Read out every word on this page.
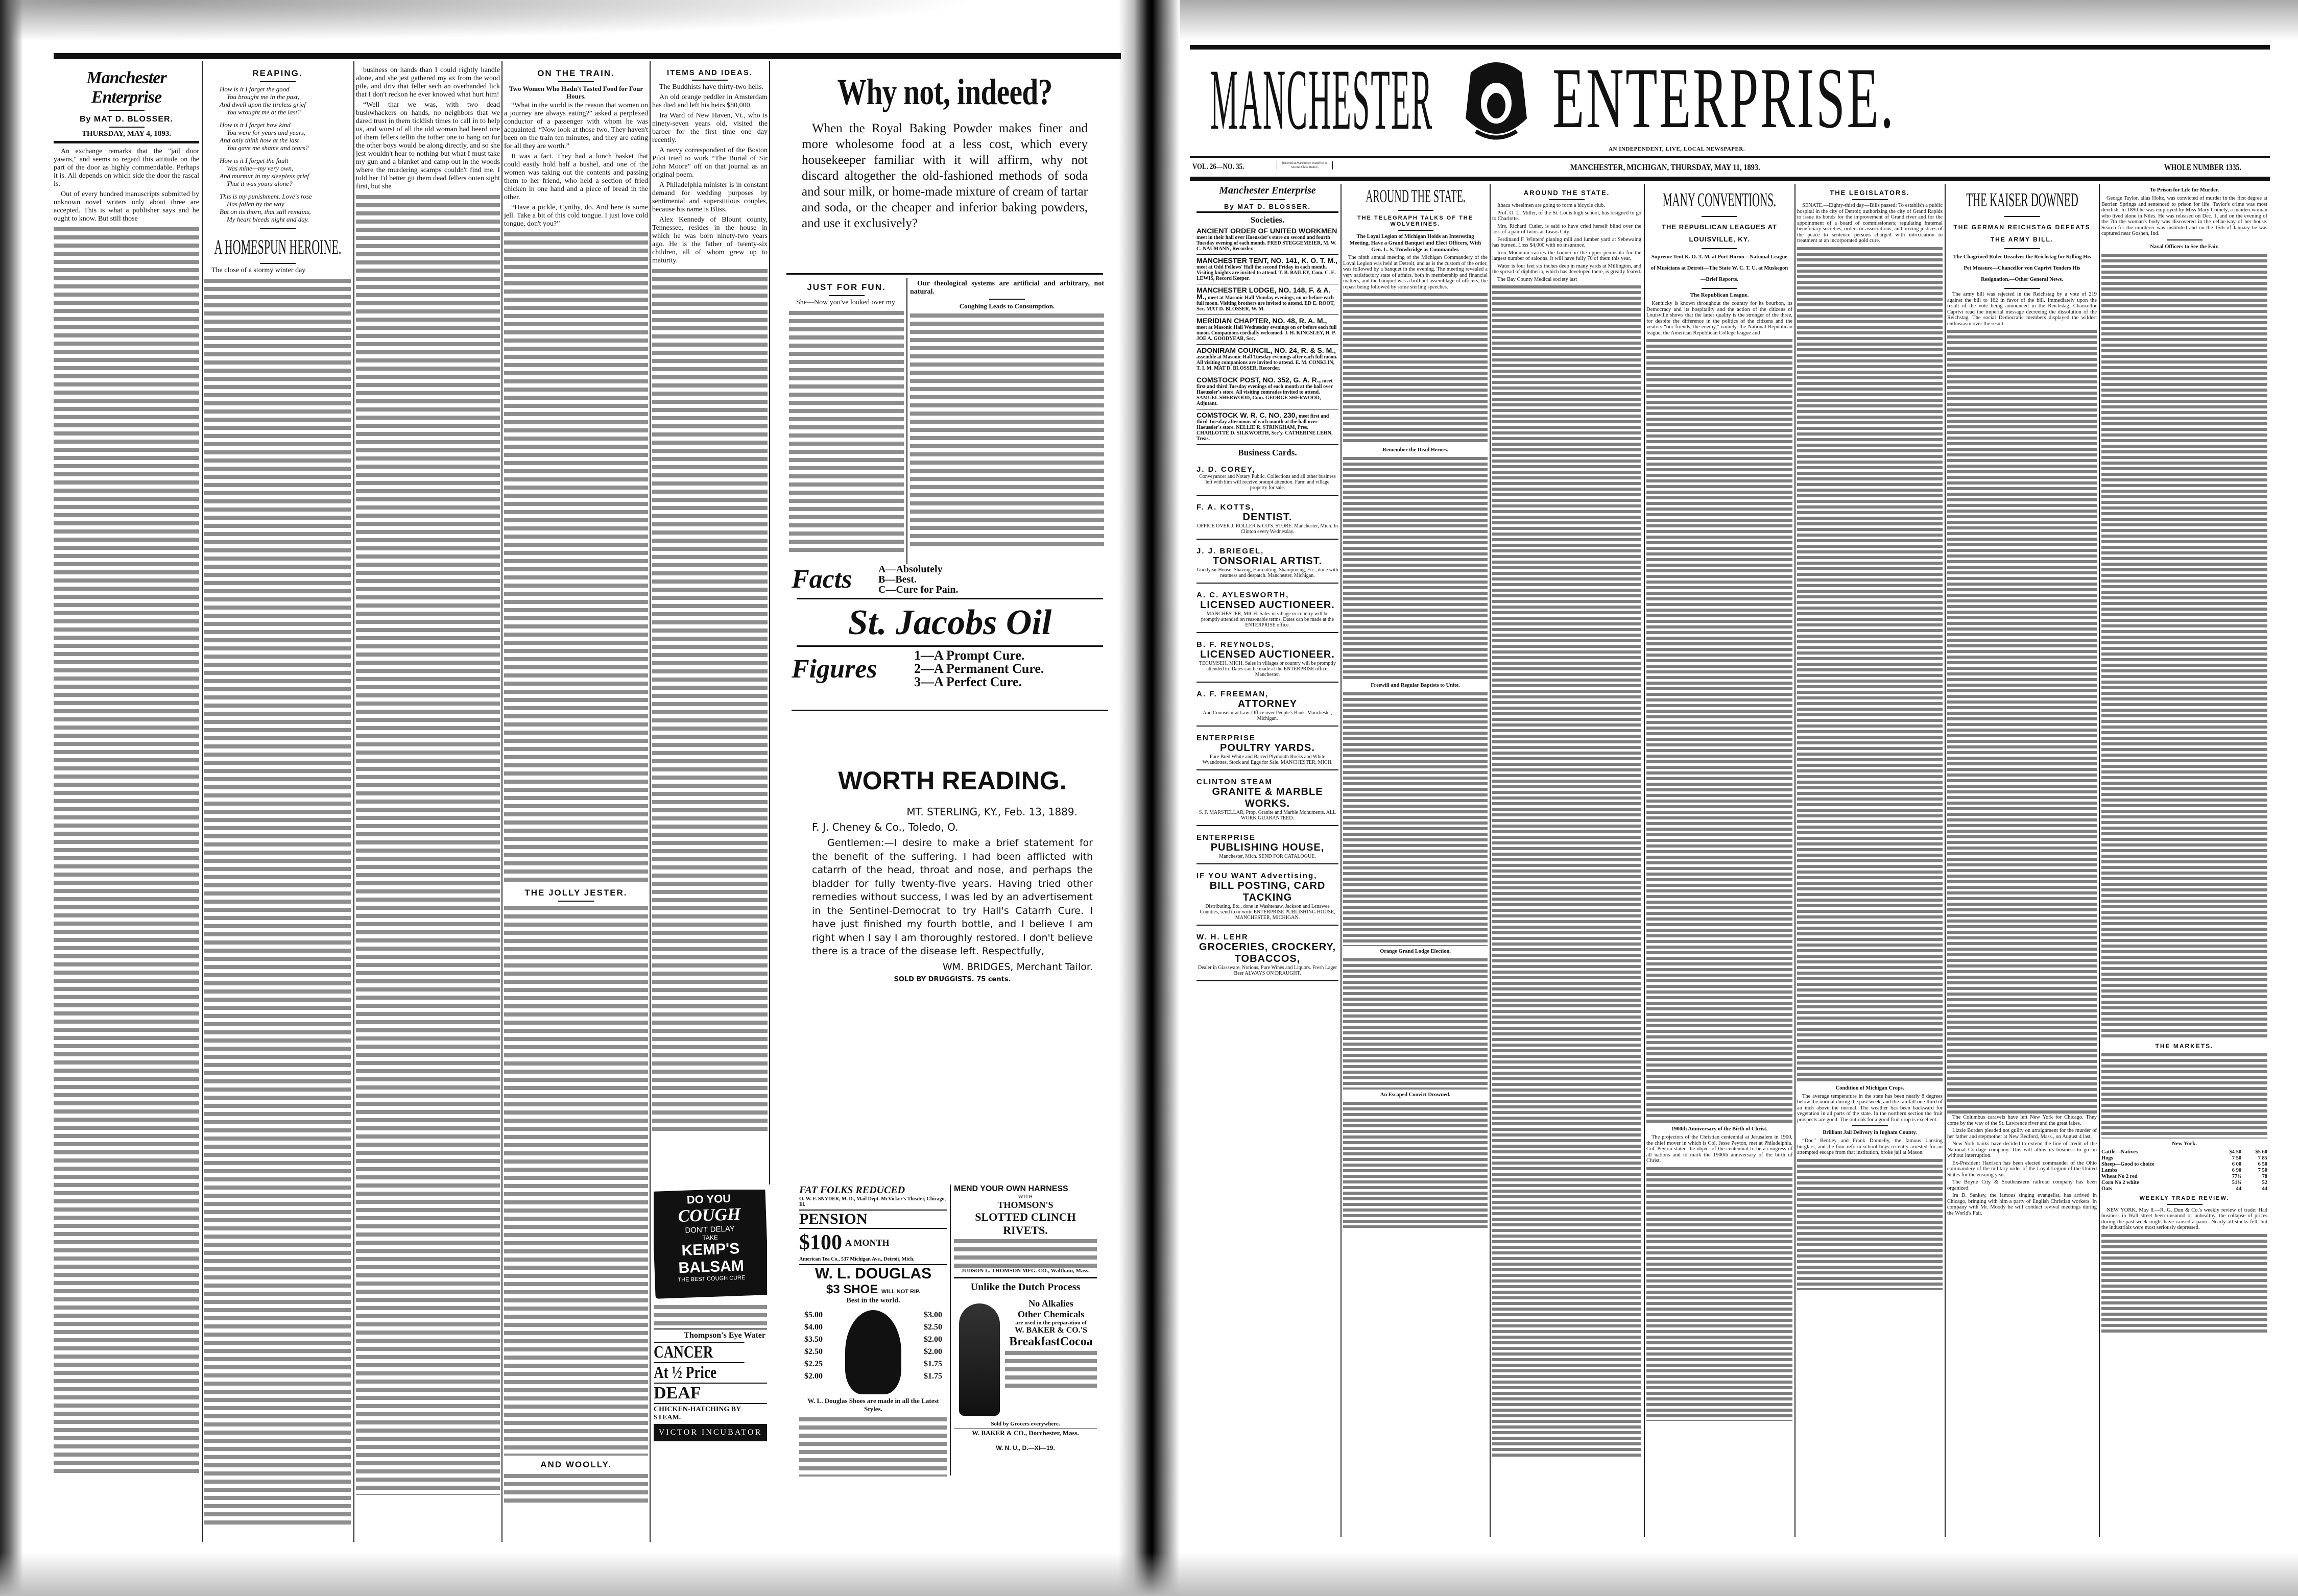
Manchester Enterprise
By MAT D. BLOSSER.
THURSDAY, MAY 4, 1893.

An exchange remarks that the "jail door yawns," and seems to regard this attitude on the part of the door as highly commendable. Perhaps it is. All depends on which side the door the rascal is.

Out of every hundred manuscripts submitted by unknown novel writers only about three are accepted. This is what a publisher says and he ought to know. But still those

REAPING.
How is it I forget the good
You brought me in the past,
And dwell upon the tireless grief
You wrought me at the last?
How is it I forget how kind
You were for years and years,
And only think how at the last
You gave me shame and tears?
How is it I forget the fault
Was mine—my very own,
And murmur in my sleepless grief
That it was yours alone?
This is my punishment. Love's rose
Has fallen by the way
But on its thorn, that still remains,
My heart bleeds night and day.
A HOMESPUN HEROINE.

The close of a stormy winter day

business on hands than I could rightly handle alone, and she jest gathered my ax from the wood pile, and driv that feller sech an overhanded lick that I don't reckon he ever knowed what hurt him!

“Well thar we was, with two dead bushwhackers on hands, no neighbors that we dared trust in them ticklish times to call in to help us, and worst of all the old woman had heerd one of them fellers tellin the tother one to hang on fur the other boys would be along directly, and so she jest wouldn't hear to nothing but what I must take my gun and a blanket and camp out in the woods where the murdering scamps couldn't find me. I told her I'd better git them dead fellers outen sight first, but she

ON THE TRAIN.
Two Women Who Hadn't Tasted Food for Four Hours.

“What in the world is the reason that women on a journey are always eating?” asked a perplexed conductor of a passenger with whom he was acquainted. “Now look at those two. They haven't been on the train ten minutes, and they are eating for all they are worth.”

It was a fact. They had a lunch basket that could easily hold half a bushel, and one of the women was taking out the contents and passing them to her friend, who held a section of fried chicken in one hand and a piece of bread in the other.

“Have a pickle, Cynthy, do. And here is some jell. Take a bit of this cold tongue. I just love cold tongue, don't you?”

THE JOLLY JESTER.
AND WOOLLY.
ITEMS AND IDEAS.

The Buddhists have thirty-two hells.

An old orange peddler in Amsterdam has died and left his heirs $80,000.

Ira Ward of New Haven, Vt., who is ninety-seven years old, visited the barber for the first time one day recently.

A nervy correspondent of the Boston Pilot tried to work “The Burial of Sir John Moore” off on that journal as an original poem.

A Philadelphia minister is in constant demand for wedding purposes by sentimental and superstitious couples, because his name is Bliss.

Alex Kennedy of Blount county, Tennessee, resides in the house in which he was born ninety-two years ago. He is the father of twenty-six children, all of whom grew up to maturity.

Why not, indeed?
When the Royal Baking Powder makes finer and more wholesome food at a less cost, which every housekeeper familiar with it will affirm, why not discard altogether the old-fashioned methods of soda and sour milk, or home-made mixture of cream of tartar and soda, or the cheaper and inferior baking powders, and use it exclusively?
JUST FOR FUN.

She—Now you've looked over my

Our theological systems are artificial and arbitrary, not natural.

Coughing Leads to Consumption.
Facts	A—Absolutely
B—Best.
C—Cure for Pain.
St. Jacobs Oil
Figures	1—A Prompt Cure.
2—A Permanent Cure.
3—A Perfect Cure.
WORTH READING.
MT. STERLING, KY., Feb. 13, 1889.
F. J. Cheney & Co., Toledo, O.
Gentlemen:—I desire to make a brief statement for the benefit of the suffering. I had been afflicted with catarrh of the head, throat and nose, and perhaps the bladder for fully twenty-five years. Having tried other remedies without success, I was led by an advertisement in the Sentinel-Democrat to try Hall's Catarrh Cure. I have just finished my fourth bottle, and I believe I am right when I say I am thoroughly restored. I don't believe there is a trace of the disease left. Respectfully,
WM. BRIDGES, Merchant Tailor.
SOLD BY DRUGGISTS. 75 cents.
DO YOU
COUGH
DON'T DELAY
TAKE
KEMP'S
BALSAM
THE BEST COUGH CURE
Thompson's Eye Water
CANCER
At ½ Price
DEAF
CHICKEN-HATCHING BY STEAM.
VICTOR INCUBATOR
FAT FOLKS REDUCED
O. W. F. SNYDER, M. D., Mail Dept. McVicker's Theater, Chicago, Ill.
PENSION
$100 A MONTH
American Tea Co., 537 Michigan Ave., Detroit, Mich.
W. L. DOUGLAS
$3 SHOE WILL NOT RIP.
Best in the world.
$5.00
$4.00
$3.50
$2.50
$2.25
$2.00
$3.00
$2.50
$2.00
$2.00
$1.75
$1.75
W. L. Douglas Shoes are made in all the Latest Styles.
MEND YOUR OWN HARNESS
WITH
THOMSON'S
SLOTTED CLINCH RIVETS.
JUDSON L. THOMSON MFG. CO., Waltham, Mass.
Unlike the Dutch Process
No Alkalies
Other Chemicals
are used in the preparation of
W. BAKER & CO.'S
BreakfastCocoa
Sold by Grocers everywhere.
W. BAKER & CO., Dorchester, Mass.
W. N. U., D.—XI—19.
MANCHESTER ENTERPRISE.
AN INDEPENDENT, LIVE, LOCAL NEWSPAPER.
VOL. 26—NO. 35.	[Entered at Manchester Postoffice as Second-Class Matter.]	MANCHESTER, MICHIGAN, THURSDAY, MAY 11, 1893.	WHOLE NUMBER 1335.
Manchester Enterprise
By MAT D. BLOSSER.
Societies.
ANCIENT ORDER OF UNITED WORKMEN meet in their hall over Haeussler's store on second and fourth Tuesday evening of each month. FRED STEGGEMEIER, M. W. C. NAUMANN, Recorder.
MANCHESTER TENT, NO. 141, K. O. T. M., meet at Odd Fellows' Hall the second Friday in each month. Visiting knights are invited to attend. T. B. BAILEY, Com. C. E. LEWIS, Record Keeper.
MANCHESTER LODGE, NO. 148, F. & A. M., meet at Masonic Hall Monday evenings, on or before each full moon. Visiting brothers are invited to attend. ED E. ROOT, Sec. MAT D. BLOSSER, W. M.
MERIDIAN CHAPTER, NO. 48, R. A. M., meet at Masonic Hall Wednesday evenings on or before each full moon. Companions cordially welcomed. J. H. KINGSLEY, H. P. JOE A. GOODYEAR, Sec.
ADONIRAM COUNCIL, NO. 24, R. & S. M., assemble at Masonic Hall Tuesday evenings after each full moon. All visiting companions are invited to attend. E. M. CONKLIN, T. I. M. MAT D. BLOSSER, Recorder.
COMSTOCK POST, NO. 352, G. A. R., meet first and third Tuesday evenings of each month at the hall over Haeussler's store. All visiting comrades invited to attend. SAMUEL SHERWOOD, Com. GEORGE SHERWOOD, Adjutant.
COMSTOCK W. R. C. NO. 230, meet first and third Tuesday afternoons of each month at the hall over Haeussler's store. NELLIE R. STRINGHAM, Pres. CHARLOTTE D. SILKWORTH, Sec'y. CATHERINE LEHN, Treas.
Business Cards.
J. D. COREY,
Conveyancer and Notary Public. Collections and all other business left with him will receive prompt attention. Farm and village property for sale.
F. A. KOTTS,
DENTIST.
OFFICE OVER J. ROLLER & CO'S. STORE. Manchester, Mich. In Clinton every Wednesday.
J. J. BRIEGEL,
TONSORIAL ARTIST.
Goodyear House. Shaving, Haircutting, Shampooing, Etc., done with neatness and despatch. Manchester, Michigan.
A. C. AYLESWORTH,
LICENSED AUCTIONEER.
MANCHESTER, MICH. Sales in village or country will be promptly attended on reasonable terms. Dates can be made at the ENTERPRISE office.
B. F. REYNOLDS,
LICENSED AUCTIONEER.
TECUMSEH, MICH. Sales in villages or country will be promptly attended to. Dates can be made at the ENTERPRISE office, Manchester.
A. F. FREEMAN,
ATTORNEY
And Counselor at Law. Office over People's Bank. Manchester, Michigan.
ENTERPRISE
POULTRY YARDS.
Pure Bred White and Barred Plymouth Rocks and White Wyandottes. Stock and Eggs for Sale. MANCHESTER, MICH.
CLINTON STEAM
GRANITE & MARBLE WORKS.
S. F. MARSTELLAR, Prop. Granite and Marble Monuments. ALL WORK GUARANTEED.
ENTERPRISE
PUBLISHING HOUSE,
Manchester, Mich. SEND FOR CATALOGUE.
IF YOU WANT Advertising,
BILL POSTING, CARD TACKING
Distributing, Etc., done in Washtenaw, Jackson and Lenawee Counties, send to or write ENTERPRISE PUBLISHING HOUSE, MANCHESTER, MICHIGAN.
W. H. LEHR
GROCERIES, CROCKERY, TOBACCOS,
Dealer in Glassware, Notions, Pure Wines and Liquors. Fresh Lager Beer ALWAYS ON DRAUGHT.
AROUND THE STATE.
THE TELEGRAPH TALKS OF THE WOLVERINES.
The Loyal Legion of Michigan Holds an Interesting Meeting, Have a Grand Banquet and Elect Officers, With Gen. L. S. Trowbridge as Commander.

The ninth annual meeting of the Michigan Commandery of the Loyal Legion was held at Detroit, and as is the custom of the order, was followed by a banquet in the evening. The meeting revealed a very satisfactory state of affairs, both in membership and financial matters, and the banquet was a brilliant assemblage of officers, the repast being followed by some sterling speeches.

Remember the Dead Heroes.
Freewill and Regular Baptists to Unite.
Orange Grand Lodge Election.
An Escaped Convict Drowned.
AROUND THE STATE.

Ithaca wheelmen are going to form a bicycle club.

Prof. O. L. Miller, of the St. Louis high school, has resigned to go to Charlotte.

Mrs. Richard Cutler, is said to have cried herself blind over the loss of a pair of twins at Tawas City.

Ferdinand F. Winters' planing mill and lumber yard at Sebewaing has burned. Loss $4,000 with no insurance.

Iron Mountain carries the banner in the upper peninsula for the largest number of saloons. It will have fully 70 of them this year.

Water is four feet six inches deep in many yards at Millington, and the spread of diphtheria, which has developed there, is greatly feared.

The Bay County Medical society last

MANY CONVENTIONS.
THE REPUBLICAN LEAGUES AT LOUISVILLE, KY.
Supreme Tent K. O. T. M. at Port Huron—National League of Musicians at Detroit—The State W. C. T. U. at Muskegon—Brief Reports.
The Republican League.

Kentucky is known throughout the country for its bourbon, its Democracy and its hospitality and the action of the citizens of Louisville shows that the latter quality is the stronger of the three, for despite the difference in the politics of the citizens and the visitors “our friends, the enemy,” namely, the National Republican league, the American Republican College league and

1900th Anniversary of the Birth of Christ.

The projectors of the Christian centennial at Jerusalem in 1900, the chief mover in which is Col. Jesse Peyton, met at Philadelphia. Col. Peyton stated the object of the centennial to be a congress of all nations and to mark the 1900th anniversary of the birth of Christ.

THE LEGISLATORS.

SENATE.—Eighty-third day—Bills passed: To establish a public hospital in the city of Detroit; authorizing the city of Grand Rapids to issue its bonds for the improvement of Grand river and for the appointment of a board of commissioners; regulating fraternal beneficiary societies, orders or associations; authorizing justices of the peace to sentence persons charged with intoxication to treatment at an incorporated gold cure.

Condition of Michigan Crops.

The average temperature in the state has been nearly 8 degrees below the normal during the past week, and the rainfall one-third of an inch above the normal. The weather has been backward for vegetation in all parts of the state. In the northern section the fruit prospects are good. The outlook for a good fruit crop is excellent.

Brilliant Jail Delivery in Ingham County.

“Doc” Bentley and Frank Donnelly, the famous Lansing burglars, and the four reform school boys recently arrested for an attempted escape from that institution, broke jail at Mason.

THE KAISER DOWNED
THE GERMAN REICHSTAG DEFEATS THE ARMY BILL.
The Chagrined Ruler Dissolves the Reichstag for Killing His Pet Measure—Chancellor von Caprivi Tenders His Resignation.—Other General News.

The army bill was rejected in the Reichstag by a vote of 219 against the bill to 162 in favor of the bill. Immediately upon the result of the vote being announced in the Reichstag, Chancellor Caprivi read the imperial message decreeing the dissolution of the Reichstag. The social Democratic members displayed the wildest enthusiasm over the result.

The Columbus caravels have left New York for Chicago. They come by the way of the St. Lawrence river and the great lakes.

Lizzie Borden pleaded not guilty on arraignment for the murder of her father and stepmother at New Bedford, Mass., on August 4 last.

New York banks have decided to extend the line of credit of the National Cordage company. This will allow its business to go on without interruption.

Ex-President Harrison has been elected commander of the Ohio commandery of the military order of the Loyal Legion of the United States for the ensuing year.

The Boyne City & Southeastern railroad company has been organized.

Ira D. Sankey, the famous singing evangelist, has arrived in Chicago, bringing with him a party of English Christian workers. In company with Mr. Moody he will conduct revival meetings during the World's Fair.

To Prison for Life for Murder.

George Taylor, alias Holtz, was convicted of murder in the first degree at Berrien Springs and sentenced to prison for life. Taylor's crime was most devilish. In 1890 he was employed by Miss Mary Comely, a maiden woman who lived alone in Niles. He was released on Dec. 1, and on the evening of the 7th the woman's body was discovered in the cellar-way of her house. Search for the murderer was instituted and on the 15th of January he was captured near Goshen, Ind.

Naval Officers to See the Fair.
THE MARKETS.
New York.
Cattle—Natives	$4 50	$5 60
Hogs	7 50	7 85
Sheep—Good to choice	6 00	6 50
Lambs	6 90	7 50
Wheat No 2 red	77¾	78
Corn No 2 white	51¾	52
Oats	44	44
WEEKLY TRADE REVIEW.

NEW YORK, May 8.—R. G. Dun & Co.'s weekly review of trade: Had business in Wall street been unsound or unhealthy, the collapse of prices during the past week might have caused a panic. Nearly all stocks fell, but the industrials were most seriously depressed.
